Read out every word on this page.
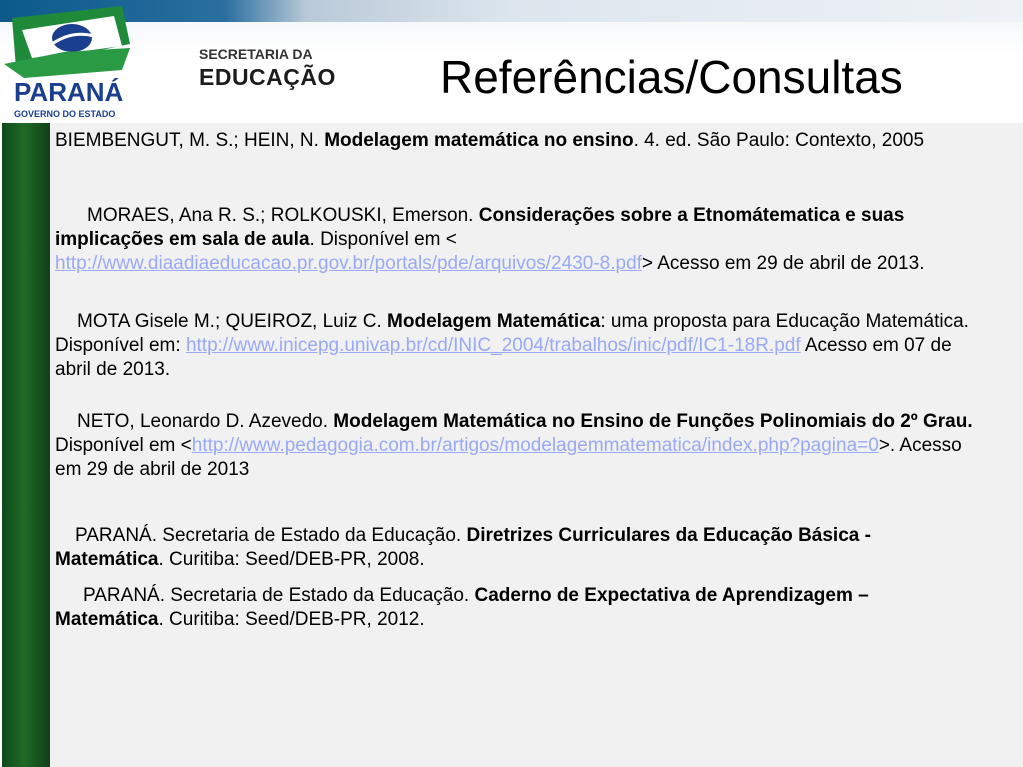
PARANÁ
GOVERNO DO ESTADO
SECRETARIA DA
EDUCAÇÃO Referências/Consultas

BIEMBENGUT, M. S.; HEIN, N. Modelagem matemática no ensino. 4. ed. São Paulo: Contexto, 2005

MORAES, Ana R. S.; ROLKOUSKI, Emerson. Considerações sobre a Etnomátematica e suas implicações em sala de aula. Disponível em < http://www.diaadiaeducacao.pr.gov.br/portals/pde/arquivos/2430-8.pdf> Acesso em 29 de abril de 2013.

MOTA Gisele M.; QUEIROZ, Luiz C. Modelagem Matemática: uma proposta para Educação Matemática. Disponível em: http://www.inicepg.univap.br/cd/INIC_2004/trabalhos/inic/pdf/IC1-18R.pdf Acesso em 07 de abril de 2013.

NETO, Leonardo D. Azevedo. Modelagem Matemática no Ensino de Funções Polinomiais do 2º Grau. Disponível em <http://www.pedagogia.com.br/artigos/modelagemmatematica/index.php?pagina=0>. Acesso em 29 de abril de 2013

PARANÁ. Secretaria de Estado da Educação. Diretrizes Curriculares da Educação Básica - Matemática. Curitiba: Seed/DEB-PR, 2008.

PARANÁ. Secretaria de Estado da Educação. Caderno de Expectativa de Aprendizagem – Matemática. Curitiba: Seed/DEB-PR, 2012.
